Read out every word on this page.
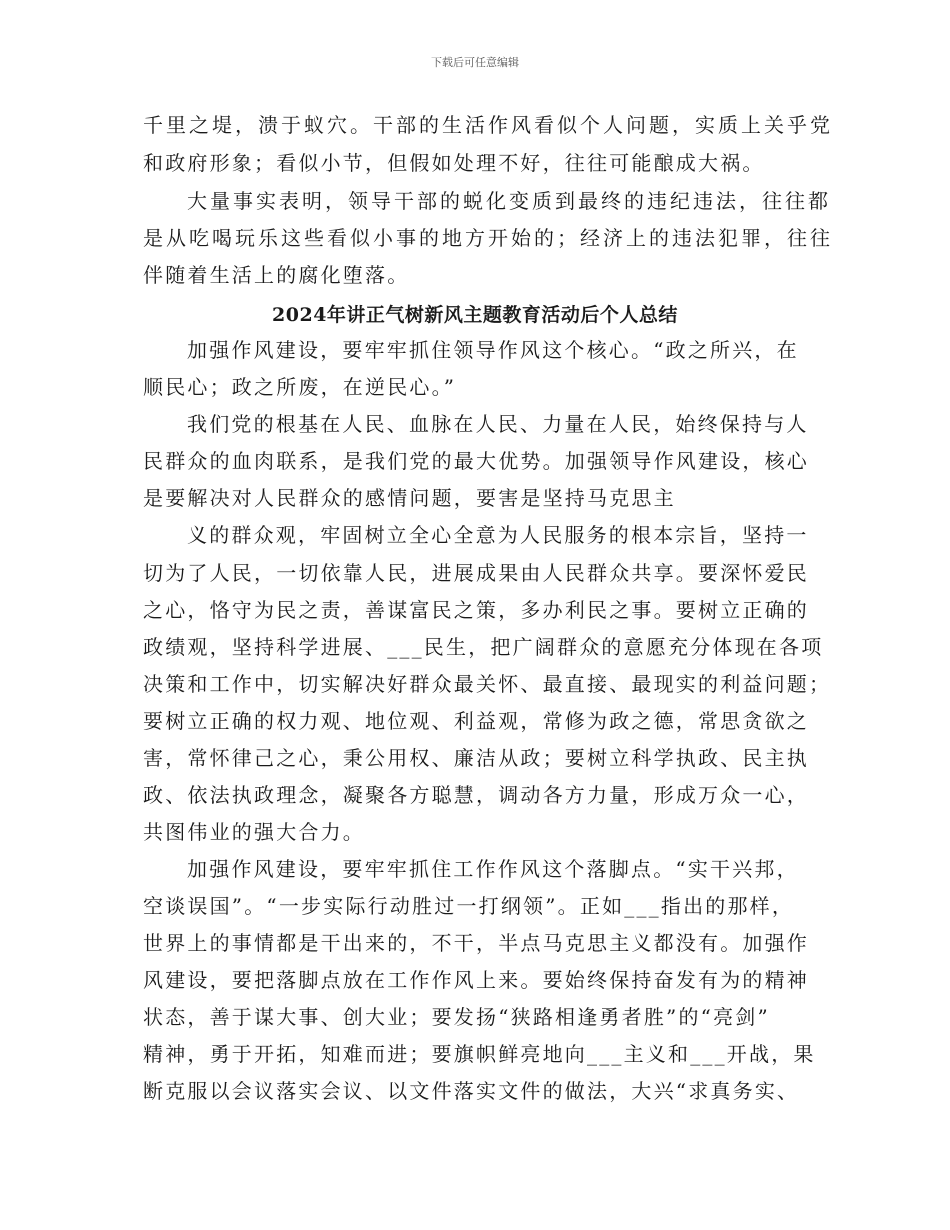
下载后可任意编辑
千里之堤，溃于蚁穴。干部的生活作风看似个人问题，实质上关乎党
和政府形象；看似小节，但假如处理不好，往往可能酿成大祸。
大量事实表明，领导干部的蜕化变质到最终的违纪违法，往往都
是从吃喝玩乐这些看似小事的地方开始的；经济上的违法犯罪，往往
伴随着生活上的腐化堕落。
2024年讲正气树新风主题教育活动后个人总结
加强作风建设，要牢牢抓住领导作风这个核心。“政之所兴，在
顺民心；政之所废，在逆民心。”
我们党的根基在人民、血脉在人民、力量在人民，始终保持与人
民群众的血肉联系，是我们党的最大优势。加强领导作风建设，核心
是要解决对人民群众的感情问题，要害是坚持马克思主
义的群众观，牢固树立全心全意为人民服务的根本宗旨，坚持一
切为了人民，一切依靠人民，进展成果由人民群众共享。要深怀爱民
之心，恪守为民之责，善谋富民之策，多办利民之事。要树立正确的
政绩观，坚持科学进展、___民生，把广阔群众的意愿充分体现在各项
决策和工作中，切实解决好群众最关怀、最直接、最现实的利益问题；
要树立正确的权力观、地位观、利益观，常修为政之德，常思贪欲之
害，常怀律己之心，秉公用权、廉洁从政；要树立科学执政、民主执
政、依法执政理念，凝聚各方聪慧，调动各方力量，形成万众一心，
共图伟业的强大合力。
加强作风建设，要牢牢抓住工作作风这个落脚点。“实干兴邦，
空谈误国”。“一步实际行动胜过一打纲领”。正如___指出的那样，
世界上的事情都是干出来的，不干，半点马克思主义都没有。加强作
风建设，要把落脚点放在工作作风上来。要始终保持奋发有为的精神
状态，善于谋大事、创大业；要发扬“狭路相逢勇者胜”的“亮剑”
精神，勇于开拓，知难而进；要旗帜鲜亮地向___主义和___开战，果
断克服以会议落实会议、以文件落实文件的做法，大兴“求真务实、
